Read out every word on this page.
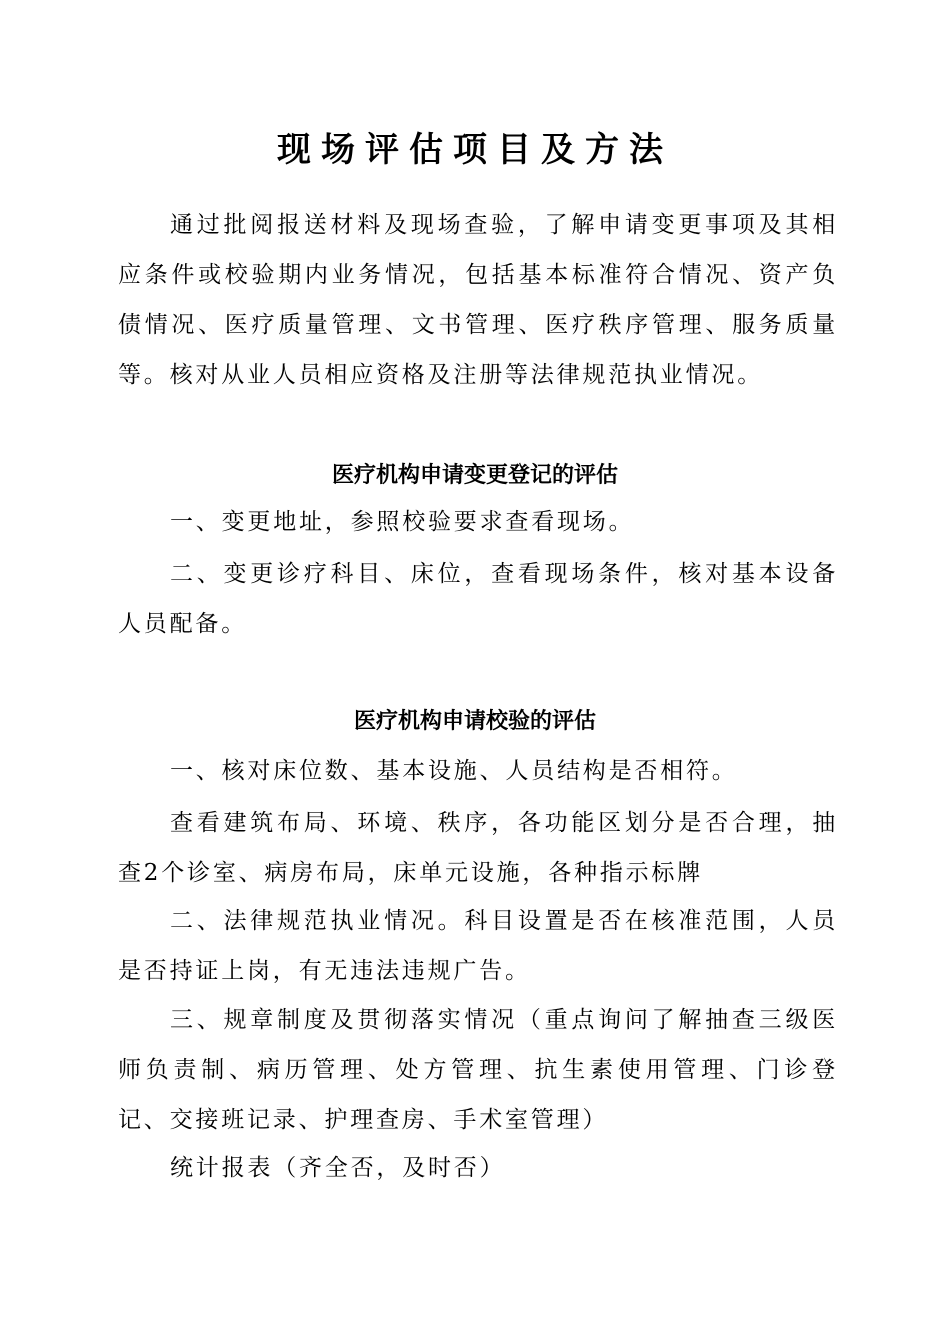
现场评估项目及方法
通过批阅报送材料及现场查验，了解申请变更事项及其相应条件或校验期内业务情况，包括基本标准符合情况、资产负债情况、医疗质量管理、文书管理、医疗秩序管理、服务质量等。核对从业人员相应资格及注册等法律规范执业情况。
医疗机构申请变更登记的评估
一、变更地址，参照校验要求查看现场。
二、变更诊疗科目、床位，查看现场条件，核对基本设备人员配备。
医疗机构申请校验的评估
一、核对床位数、基本设施、人员结构是否相符。
查看建筑布局、环境、秩序，各功能区划分是否合理，抽查2个诊室、病房布局，床单元设施，各种指示标牌
二、法律规范执业情况。科目设置是否在核准范围，人员是否持证上岗，有无违法违规广告。
三、规章制度及贯彻落实情况（重点询问了解抽查三级医师负责制、病历管理、处方管理、抗生素使用管理、门诊登记、交接班记录、护理查房、手术室管理）
统计报表（齐全否，及时否）
